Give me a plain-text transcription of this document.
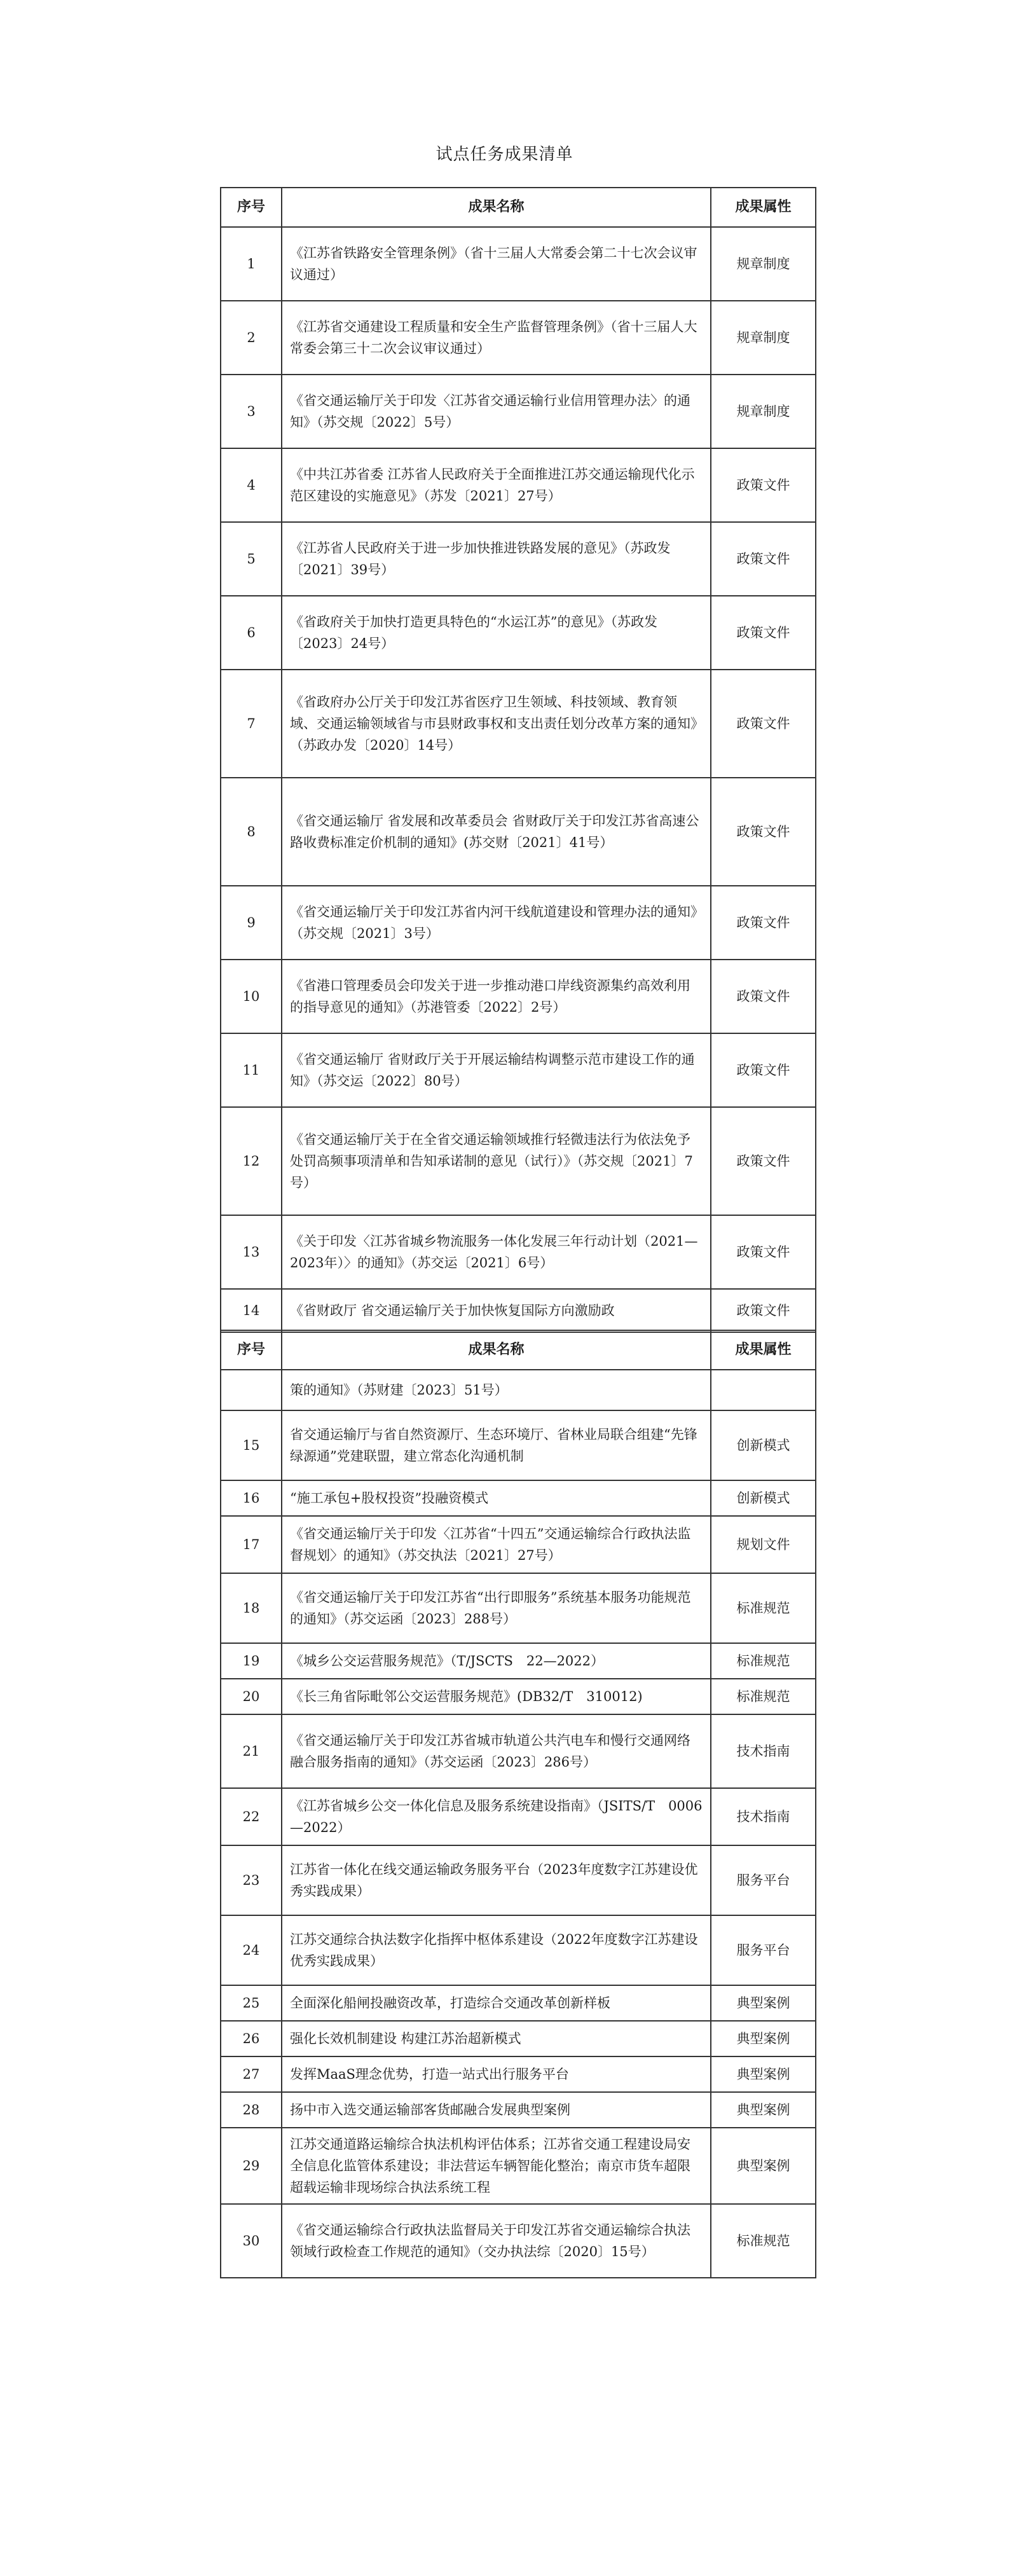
试点任务成果清单
序号	成果名称	成果属性
1	《江苏省铁路安全管理条例》（省十三届人大常委会第二十七次会议审议通过）	规章制度
2	《江苏省交通建设工程质量和安全生产监督管理条例》（省十三届人大常委会第三十二次会议审议通过）	规章制度
3	《省交通运输厅关于印发〈江苏省交通运输行业信用管理办法〉的通知》（苏交规〔2022〕5号）	规章制度
4	《中共江苏省委 江苏省人民政府关于全面推进江苏交通运输现代化示范区建设的实施意见》（苏发〔2021〕27号）	政策文件
5	《江苏省人民政府关于进一步加快推进铁路发展的意见》（苏政发〔2021〕39号）	政策文件
6	《省政府关于加快打造更具特色的“水运江苏”的意见》（苏政发〔2023〕24号）	政策文件
7	《省政府办公厅关于印发江苏省医疗卫生领域、科技领域、教育领域、交通运输领域省与市县财政事权和支出责任划分改革方案的通知》（苏政办发〔2020〕14号）	政策文件
8	《省交通运输厅 省发展和改革委员会 省财政厅关于印发江苏省高速公路收费标准定价机制的通知》(苏交财〔2021〕41号）	政策文件
9	《省交通运输厅关于印发江苏省内河干线航道建设和管理办法的通知》（苏交规〔2021〕3号）	政策文件
10	《省港口管理委员会印发关于进一步推动港口岸线资源集约高效利用的指导意见的通知》（苏港管委〔2022〕2号）	政策文件
11	《省交通运输厅 省财政厅关于开展运输结构调整示范市建设工作的通知》（苏交运〔2022〕80号）	政策文件
12	《省交通运输厅关于在全省交通运输领域推行轻微违法行为依法免予处罚高频事项清单和告知承诺制的意见（试行）》（苏交规〔2021〕7号）	政策文件
13	《关于印发〈江苏省城乡物流服务一体化发展三年行动计划（2021—2023年）〉的通知》（苏交运〔2021〕6号）	政策文件
14	《省财政厅 省交通运输厅关于加快恢复国际方向激励政	政策文件
序号	成果名称	成果属性
	策的通知》（苏财建〔2023〕51号）	
15	省交通运输厅与省自然资源厅、生态环境厅、省林业局联合组建“先锋绿源通”党建联盟，建立常态化沟通机制	创新模式
16	“施工承包+股权投资”投融资模式	创新模式
17	《省交通运输厅关于印发〈江苏省“十四五”交通运输综合行政执法监督规划〉的通知》（苏交执法〔2021〕27号）	规划文件
18	《省交通运输厅关于印发江苏省“出行即服务”系统基本服务功能规范的通知》（苏交运函〔2023〕288号）	标准规范
19	《城乡公交运营服务规范》（T/JSCTS　22—2022）	标准规范
20	《长三角省际毗邻公交运营服务规范》(DB32/T　310012)	标准规范
21	《省交通运输厅关于印发江苏省城市轨道公共汽电车和慢行交通网络融合服务指南的通知》（苏交运函〔2023〕286号）	技术指南
22	《江苏省城乡公交一体化信息及服务系统建设指南》（JSITS/T　0006—2022）	技术指南
23	江苏省一体化在线交通运输政务服务平台（2023年度数字江苏建设优秀实践成果）	服务平台
24	江苏交通综合执法数字化指挥中枢体系建设（2022年度数字江苏建设优秀实践成果）	服务平台
25	全面深化船闸投融资改革，打造综合交通改革创新样板	典型案例
26	强化长效机制建设 构建江苏治超新模式	典型案例
27	发挥MaaS理念优势，打造一站式出行服务平台	典型案例
28	扬中市入选交通运输部客货邮融合发展典型案例	典型案例
29	江苏交通道路运输综合执法机构评估体系；江苏省交通工程建设局安全信息化监管体系建设；非法营运车辆智能化整治；南京市货车超限超载运输非现场综合执法系统工程	典型案例
30	《省交通运输综合行政执法监督局关于印发江苏省交通运输综合执法领域行政检查工作规范的通知》（交办执法综〔2020〕15号）	标准规范
